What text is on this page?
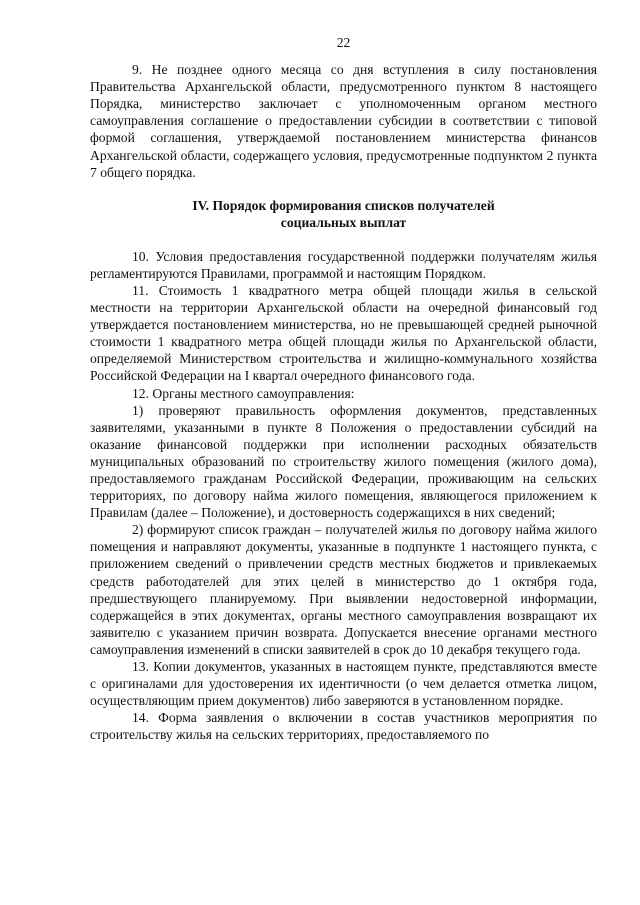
22

9. Не позднее одного месяца со дня вступления в силу постановления Правительства Архангельской области, предусмотренного пунктом 8 настоящего Порядка, министерство заключает с уполномоченным органом местного самоуправления соглашение о предоставлении субсидии в соответствии с типовой формой соглашения, утверждаемой постановлением министерства финансов Архангельской области, содержащего условия, предусмотренные подпунктом 2 пункта 7 общего порядка.

IV. Порядок формирования списков получателей
социальных выплат

10. Условия предоставления государственной поддержки получателям жилья регламентируются Правилами, программой и настоящим Порядком.

11. Стоимость 1 квадратного метра общей площади жилья в сельской местности на территории Архангельской области на очередной финансовый год утверждается постановлением министерства, но не превышающей средней рыночной стоимости 1 квадратного метра общей площади жилья по Архангельской области, определяемой Министерством строительства и жилищно-коммунального хозяйства Российской Федерации на I квартал очередного финансового года.

12. Органы местного самоуправления:

1) проверяют правильность оформления документов, представленных заявителями, указанными в пункте 8 Положения о предоставлении субсидий на оказание финансовой поддержки при исполнении расходных обязательств муниципальных образований по строительству жилого помещения (жилого дома), предоставляемого гражданам Российской Федерации, проживающим на сельских территориях, по договору найма жилого помещения, являющегося приложением к Правилам (далее – Положение), и достоверность содержащихся в них сведений;

2) формируют список граждан – получателей жилья по договору найма жилого помещения и направляют документы, указанные в подпункте 1 настоящего пункта, с приложением сведений о привлечении средств местных бюджетов и привлекаемых средств работодателей для этих целей в министерство до 1 октября года, предшествующего планируемому. При выявлении недостоверной информации, содержащейся в этих документах, органы местного самоуправления возвращают их заявителю с указанием причин возврата. Допускается внесение органами местного самоуправления изменений в списки заявителей в срок до 10 декабря текущего года.

13. Копии документов, указанных в настоящем пункте, представляются вместе с оригиналами для удостоверения их идентичности (о чем делается отметка лицом, осуществляющим прием документов) либо заверяются в установленном порядке.

14. Форма заявления о включении в состав участников мероприятия по строительству жилья на сельских территориях, предоставляемого по
